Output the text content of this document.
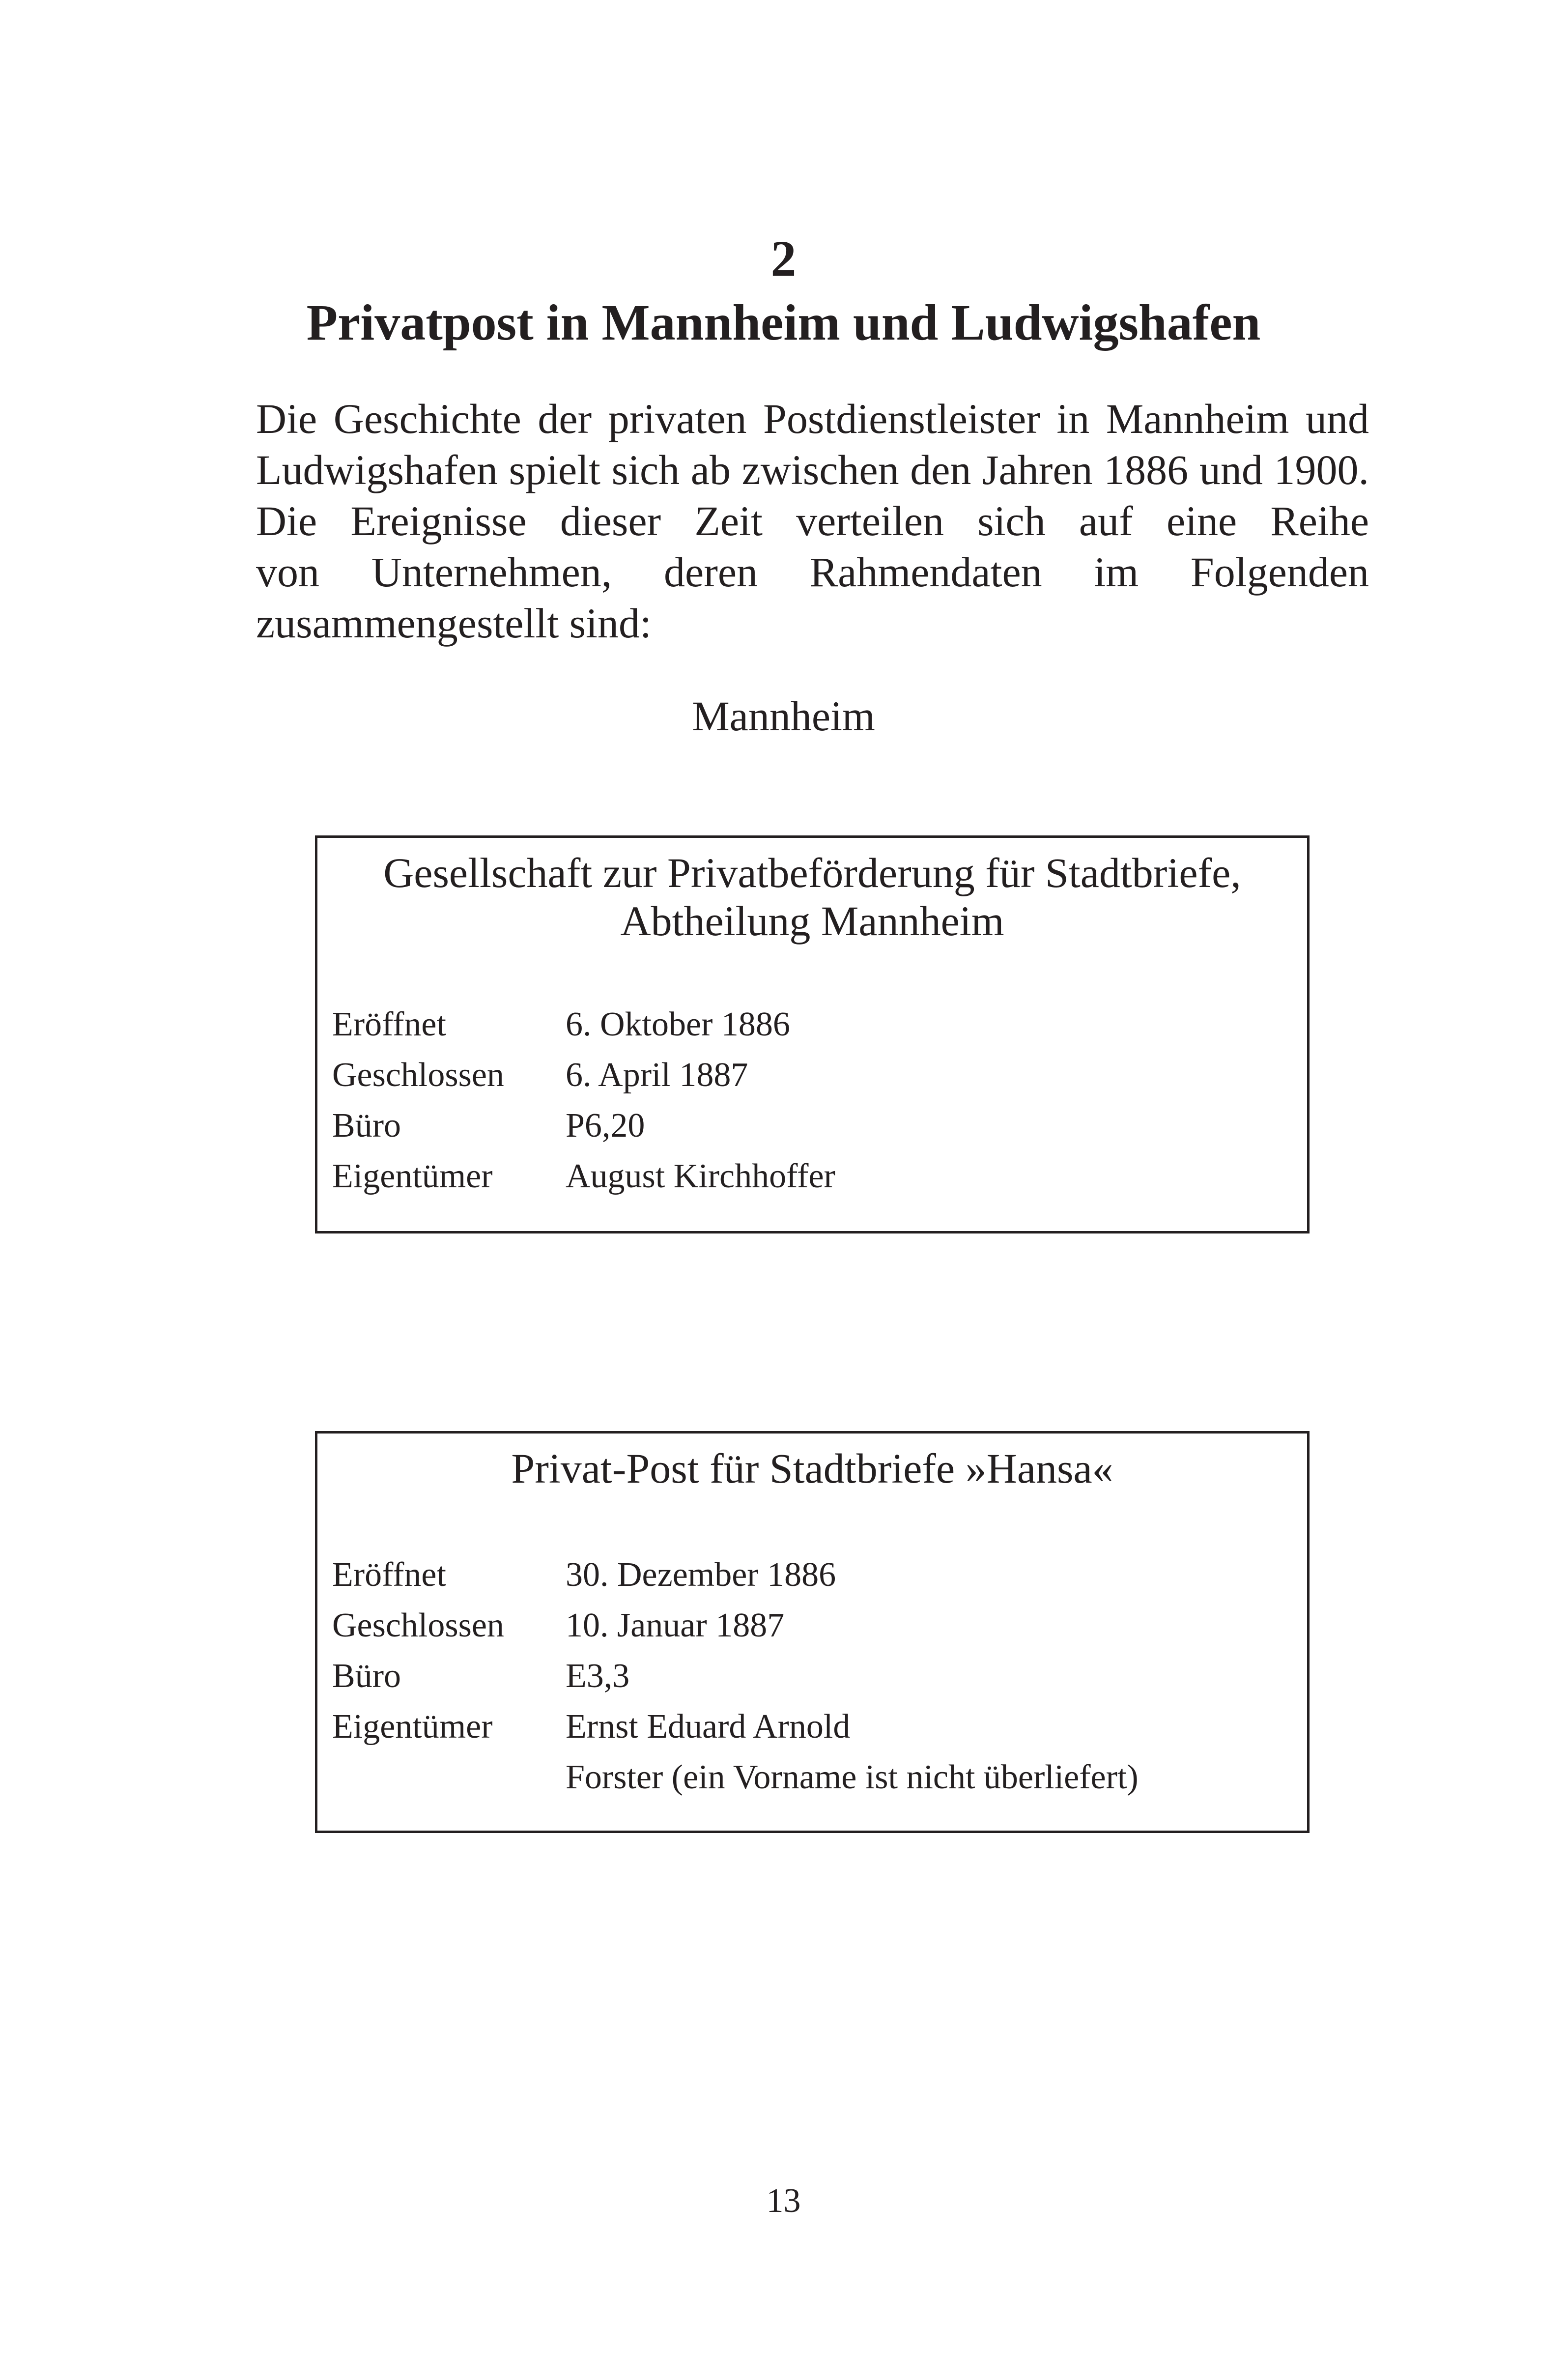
2
Privatpost in Mannheim und Ludwigshafen

Die Geschichte der privaten Postdienstleister in Mannheim und
Ludwigshafen spielt sich ab zwischen den Jahren 1886 und 1900.
Die Ereignisse dieser Zeit verteilen sich auf eine Reihe
von Unternehmen, deren Rahmendaten im Folgenden
zusammengestellt sind:

Mannheim
Gesellschaft zur Privatbeförderung für Stadtbriefe,
Abtheilung Mannheim
Eröffnet	6. Oktober 1886
Geschlossen	6. April 1887
Büro	P6,20
Eigentümer	August Kirchhoffer
Privat-Post für Stadtbriefe »Hansa«
Eröffnet	30. Dezember 1886
Geschlossen	10. Januar 1887
Büro	E3,3
Eigentümer	Ernst Eduard Arnold
Forster (ein Vorname ist nicht überliefert)
13
